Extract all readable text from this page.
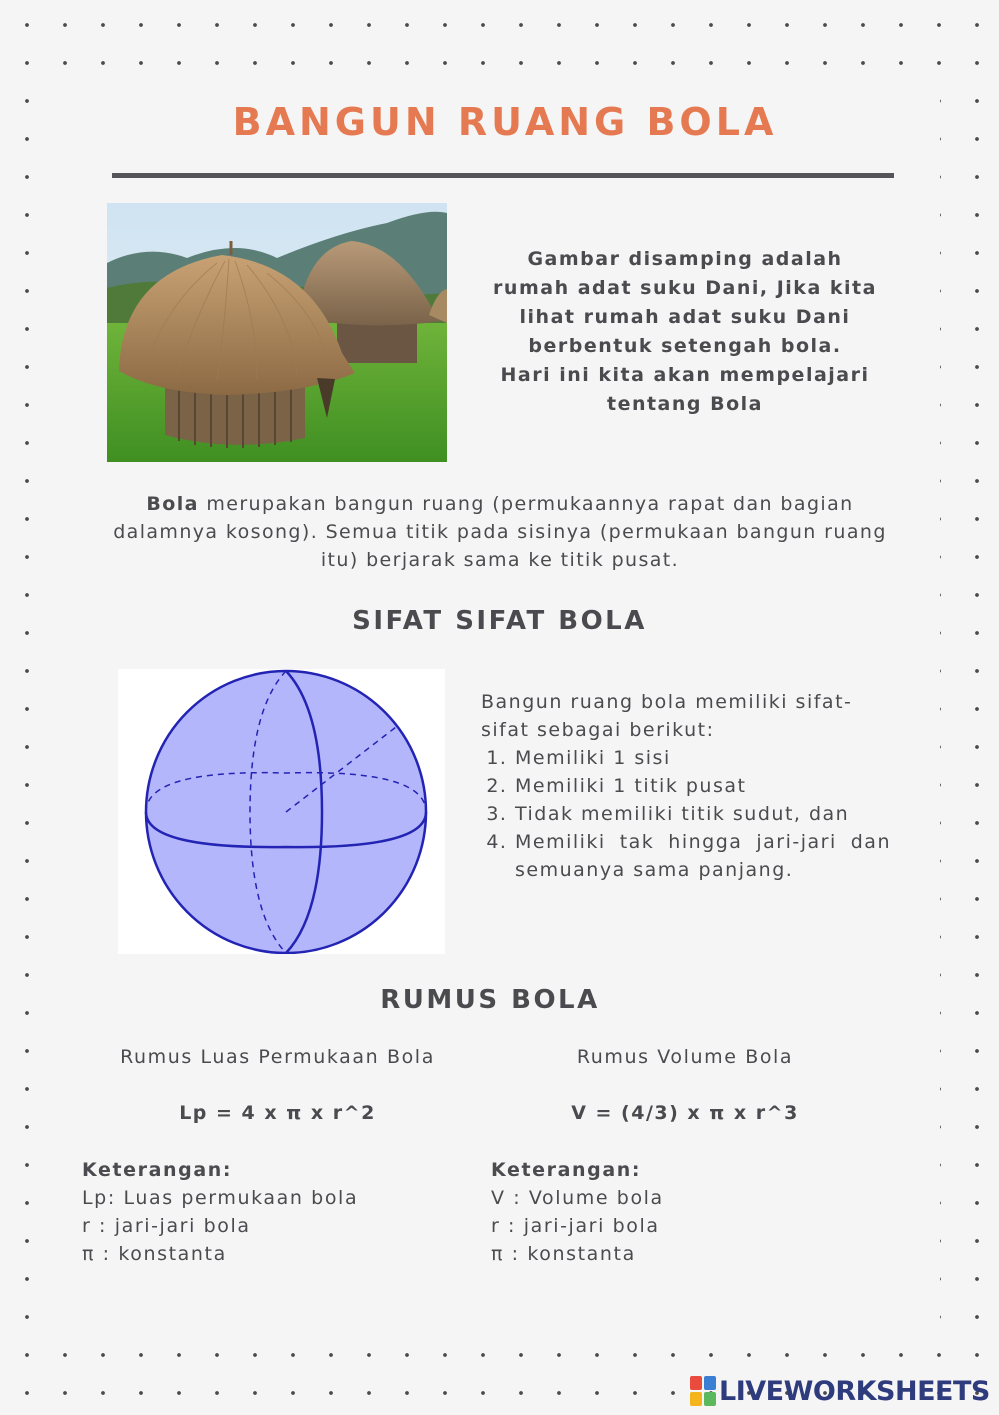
BANGUN RUANG BOLA
Gambar disamping adalah
rumah adat suku Dani, Jika kita
lihat rumah adat suku Dani
berbentuk setengah bola.
Hari ini kita akan mempelajari
tentang Bola
Bola merupakan bangun ruang (permukaannya rapat dan bagian dalamnya kosong). Semua titik pada sisinya (permukaan bangun ruang itu) berjarak sama ke titik pusat.
SIFAT SIFAT BOLA
Bangun ruang bola memiliki sifat-sifat sebagai berikut:
1. Memiliki 1 sisi
2. Memiliki 1 titik pusat
3. Tidak memiliki titik sudut, dan
4. Memiliki tak hingga jari-jari dan semuanya sama panjang.
RUMUS BOLA
Rumus Luas Permukaan Bola	Rumus Volume Bola
Lp = 4 x π x r^2	V = (4/3) x π x r^3
Keterangan:
Lp: Luas permukaan bola
r : jari-jari bola
π : konstanta
Keterangan:
V : Volume bola
r : jari-jari bola
π : konstanta
LIVEWORKSHEETS
